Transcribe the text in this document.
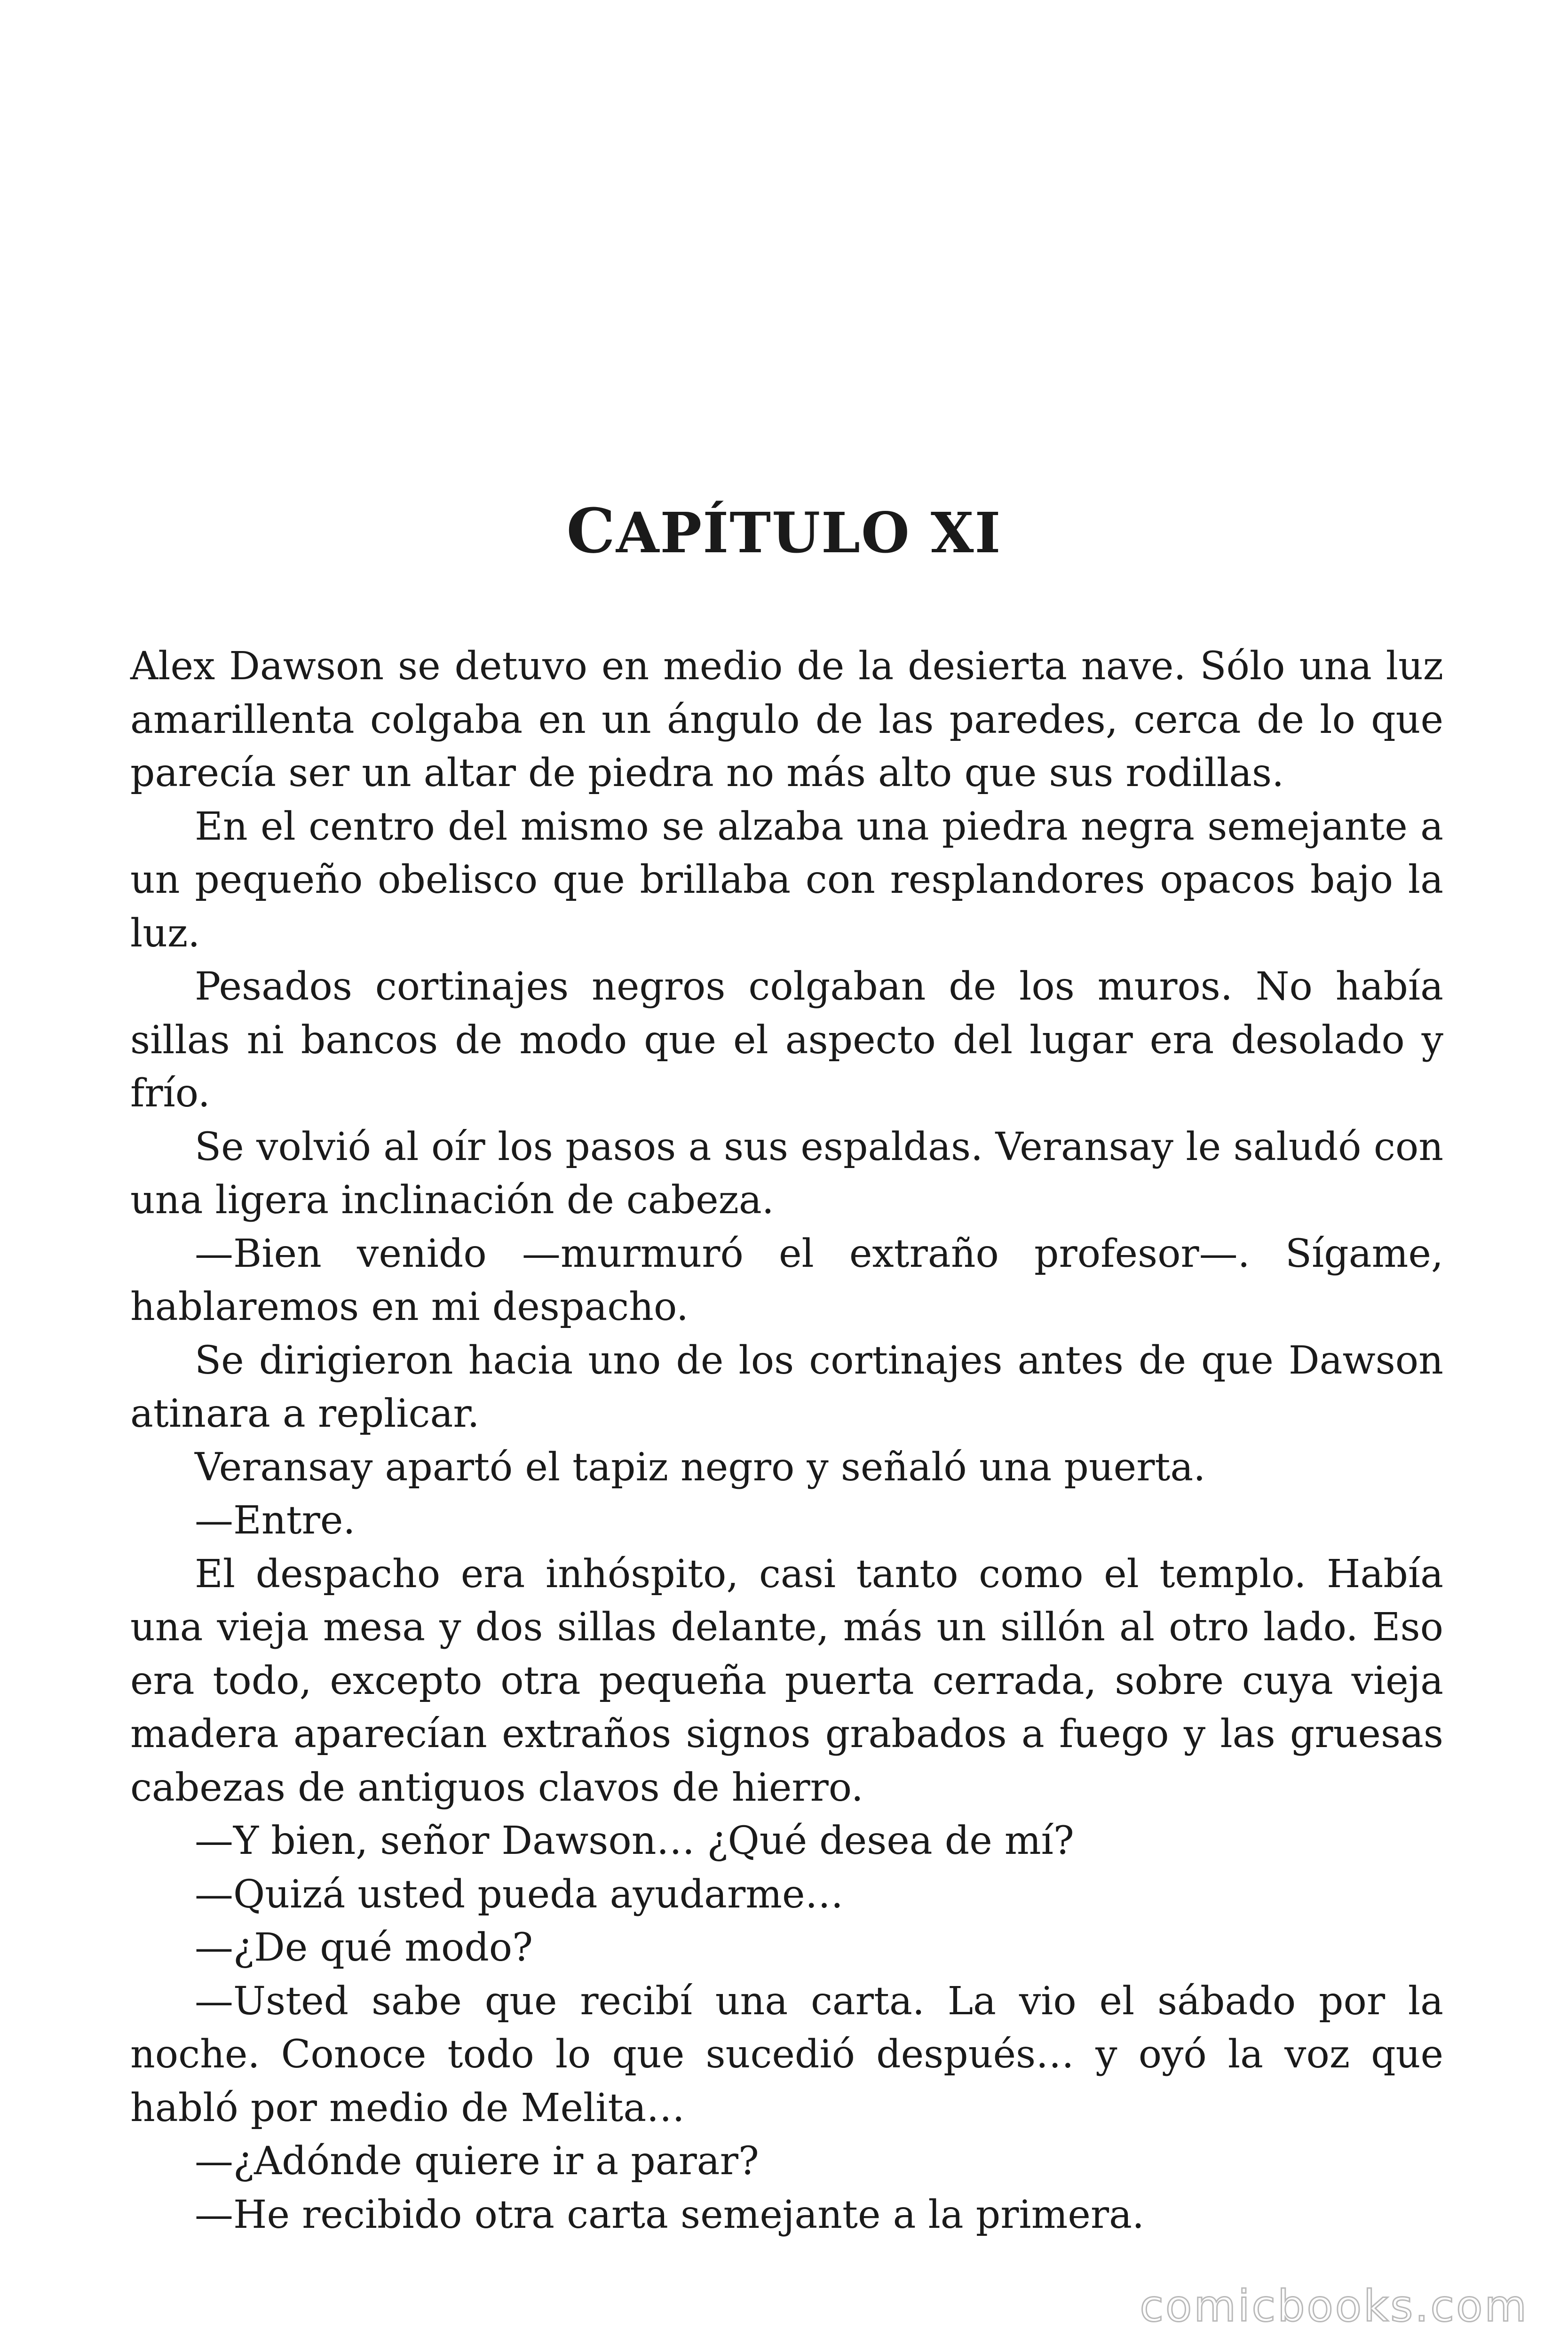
CAPÍTULO XI

Alex Dawson se detuvo en medio de la desierta nave. Sólo una luz amarillenta colgaba en un ángulo de las paredes, cerca de lo que parecía ser un altar de piedra no más alto que sus rodillas.

En el centro del mismo se alzaba una piedra negra semejante a un pequeño obelisco que brillaba con resplandores opacos bajo la luz.

Pesados cortinajes negros colgaban de los muros. No había sillas ni bancos de modo que el aspecto del lugar era desolado y frío.

Se volvió al oír los pasos a sus espaldas. Veransay le saludó con una ligera inclinación de cabeza.

—Bien venido —murmuró el extraño profesor—. Sígame, hablaremos en mi despacho.

Se dirigieron hacia uno de los cortinajes antes de que Dawson atinara a replicar.

Veransay apartó el tapiz negro y señaló una puerta.

—Entre.

El despacho era inhóspito, casi tanto como el templo. Había una vieja mesa y dos sillas delante, más un sillón al otro lado. Eso era todo, excepto otra pequeña puerta cerrada, sobre cuya vieja madera aparecían extraños signos grabados a fuego y las gruesas cabezas de antiguos clavos de hierro.

—Y bien, señor Dawson… ¿Qué desea de mí?

—Quizá usted pueda ayudarme…

—¿De qué modo?

—Usted sabe que recibí una carta. La vio el sábado por la noche. Conoce todo lo que sucedió después… y oyó la voz que habló por medio de Melita…

—¿Adónde quiere ir a parar?

—He recibido otra carta semejante a la primera.

comicbooks.com
